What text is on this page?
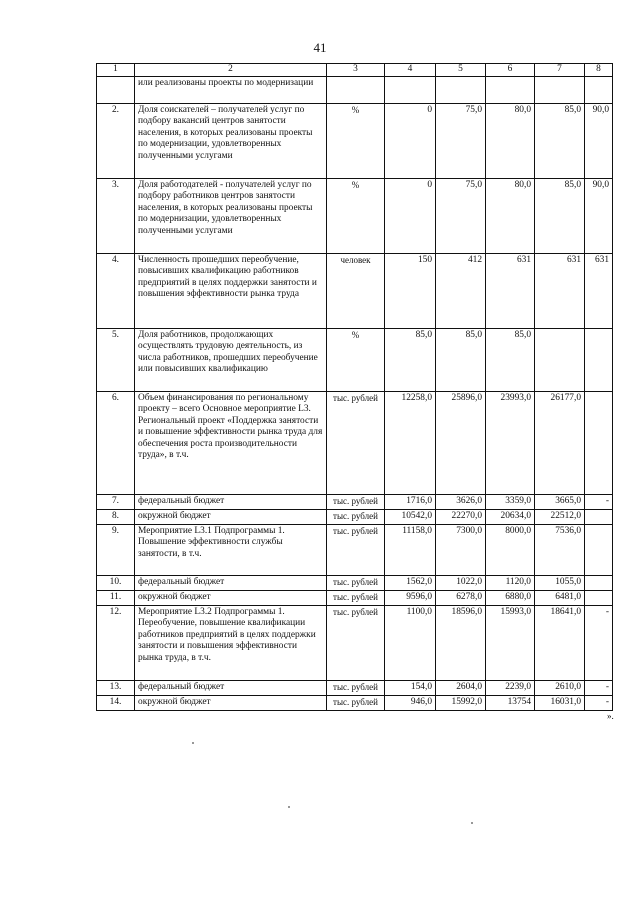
41
1	2	3	4	5	6	7	8
	или реализованы проекты по модернизации						
2.	Доля соискателей – получателей услуг по подбору вакансий центров занятости населения, в которых реализованы проекты по модернизации, удовлетворенных полученными услугами	%	0	75,0	80,0	85,0	90,0
3.	Доля работодателей - получателей услуг по подбору работников центров занятости населения, в которых реализованы проекты по модернизации, удовлетворенных полученными услугами	%	0	75,0	80,0	85,0	90,0
4.	Численность прошедших переобучение, повысивших квалификацию работников предприятий в целях поддержки занятости и повышения эффективности рынка труда	человек	150	412	631	631	631
5.	Доля работников, продолжающих осуществлять трудовую деятельность, из числа работников, прошедших переобучение или повысивших квалификацию	%	85,0	85,0	85,0		
6.	Объем финансирования по региональному проекту – всего Основное мероприятие L3. Региональный проект «Поддержка занятости и повышение эффективности рынка труда для обеспечения роста производительности труда», в т.ч.	тыс. рублей	12258,0	25896,0	23993,0	26177,0	
7.	федеральный бюджет	тыс. рублей	1716,0	3626,0	3359,0	3665,0	-
8.	окружной бюджет	тыс. рублей	10542,0	22270,0	20634,0	22512,0	
9.	Мероприятие L3.1 Подпрограммы 1. Повышение эффективности службы занятости, в т.ч.	тыс. рублей	11158,0	7300,0	8000,0	7536,0	
10.	федеральный бюджет	тыс. рублей	1562,0	1022,0	1120,0	1055,0	
11.	окружной бюджет	тыс. рублей	9596,0	6278,0	6880,0	6481,0	
12.	Мероприятие L3.2 Подпрограммы 1. Переобучение, повышение квалификации работников предприятий в целях поддержки занятости и повышения эффективности рынка труда, в т.ч.	тыс. рублей	1100,0	18596,0	15993,0	18641,0	-
13.	федеральный бюджет	тыс. рублей	154,0	2604,0	2239,0	2610,0	-
14.	окружной бюджет	тыс. рублей	946,0	15992,0	13754	16031,0	-
».
